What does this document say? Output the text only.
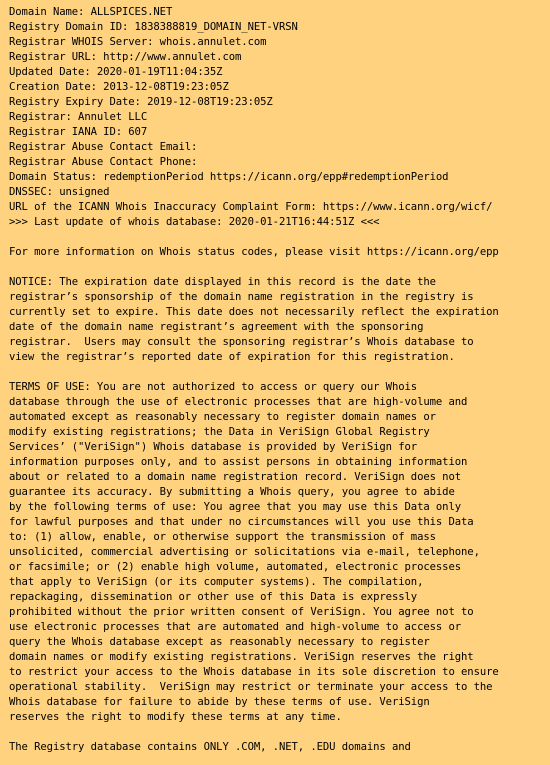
Domain Name: ALLSPICES.NET
Registry Domain ID: 1838388819_DOMAIN_NET-VRSN
Registrar WHOIS Server: whois.annulet.com
Registrar URL: http://www.annulet.com
Updated Date: 2020-01-19T11:04:35Z
Creation Date: 2013-12-08T19:23:05Z
Registry Expiry Date: 2019-12-08T19:23:05Z
Registrar: Annulet LLC
Registrar IANA ID: 607
Registrar Abuse Contact Email:
Registrar Abuse Contact Phone:
Domain Status: redemptionPeriod https://icann.org/epp#redemptionPeriod
DNSSEC: unsigned
URL of the ICANN Whois Inaccuracy Complaint Form: https://www.icann.org/wicf/
>>> Last update of whois database: 2020-01-21T16:44:51Z <<<
For more information on Whois status codes, please visit https://icann.org/epp
NOTICE: The expiration date displayed in this record is the date the
registrar’s sponsorship of the domain name registration in the registry is
currently set to expire. This date does not necessarily reflect the expiration
date of the domain name registrant’s agreement with the sponsoring
registrar.  Users may consult the sponsoring registrar’s Whois database to
view the registrar’s reported date of expiration for this registration.
TERMS OF USE: You are not authorized to access or query our Whois
database through the use of electronic processes that are high-volume and
automated except as reasonably necessary to register domain names or
modify existing registrations; the Data in VeriSign Global Registry
Services’ ("VeriSign") Whois database is provided by VeriSign for
information purposes only, and to assist persons in obtaining information
about or related to a domain name registration record. VeriSign does not
guarantee its accuracy. By submitting a Whois query, you agree to abide
by the following terms of use: You agree that you may use this Data only
for lawful purposes and that under no circumstances will you use this Data
to: (1) allow, enable, or otherwise support the transmission of mass
unsolicited, commercial advertising or solicitations via e-mail, telephone,
or facsimile; or (2) enable high volume, automated, electronic processes
that apply to VeriSign (or its computer systems). The compilation,
repackaging, dissemination or other use of this Data is expressly
prohibited without the prior written consent of VeriSign. You agree not to
use electronic processes that are automated and high-volume to access or
query the Whois database except as reasonably necessary to register
domain names or modify existing registrations. VeriSign reserves the right
to restrict your access to the Whois database in its sole discretion to ensure
operational stability.  VeriSign may restrict or terminate your access to the
Whois database for failure to abide by these terms of use. VeriSign
reserves the right to modify these terms at any time.
The Registry database contains ONLY .COM, .NET, .EDU domains and
